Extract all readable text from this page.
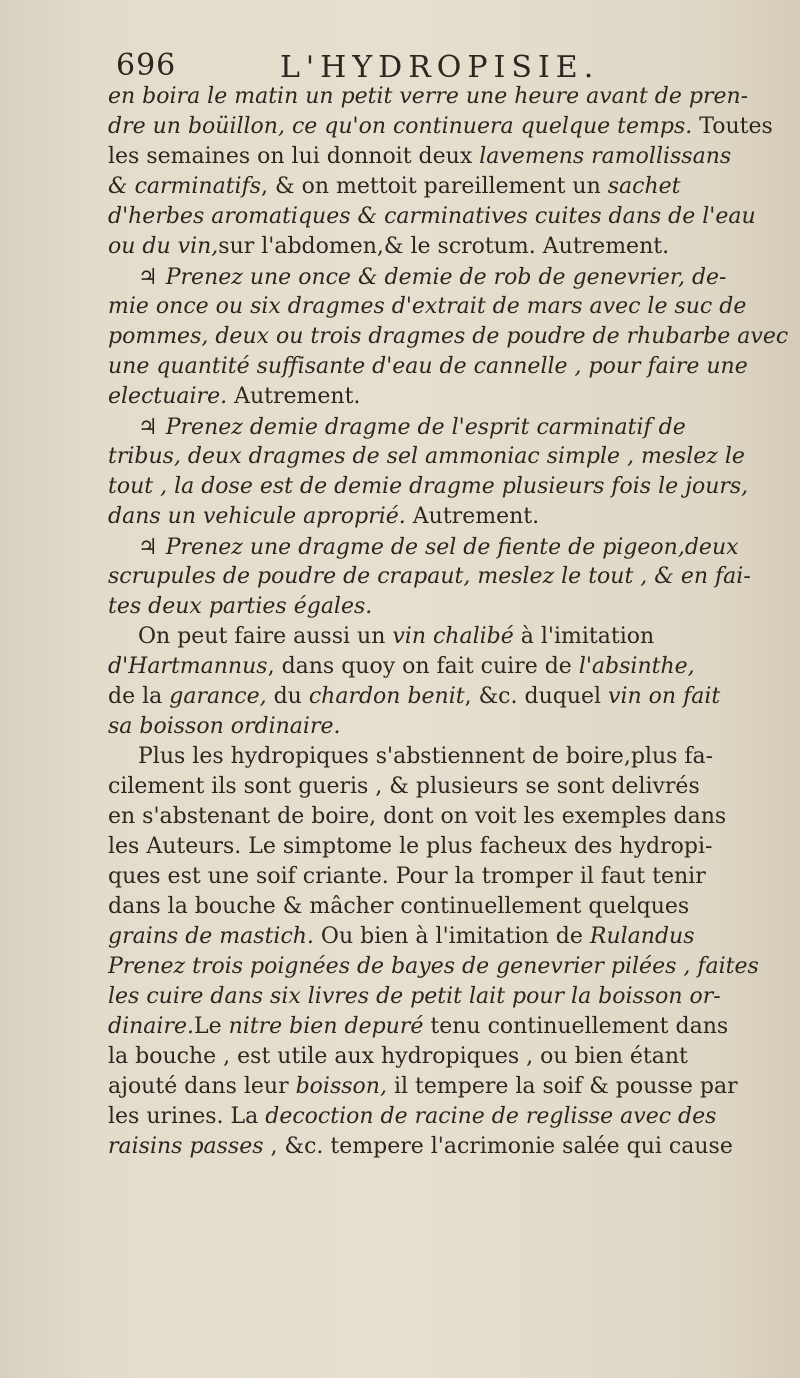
696	L'HYDROPISIE.
en boira le matin un petit verre une heure avant de pren-
dre un boüillon, ce qu'on continuera quelque temps. Toutes
les semaines on lui donnoit deux lavemens ramollissans
& carminatifs, & on mettoit pareillement un sachet
d'herbes aromatiques & carminatives cuites dans de l'eau
ou du vin,sur l'abdomen,& le scrotum. Autrement.
♃ Prenez une once & demie de rob de genevrier, de-
mie once ou six dragmes d'extrait de mars avec le suc de
pommes, deux ou trois dragmes de poudre de rhubarbe avec
une quantité suffisante d'eau de cannelle , pour faire une
electuaire. Autrement.
♃ Prenez demie dragme de l'esprit carminatif de
tribus, deux dragmes de sel ammoniac simple , meslez le
tout , la dose est de demie dragme plusieurs fois le jours,
dans un vehicule aproprié. Autrement.
♃ Prenez une dragme de sel de fiente de pigeon,deux
scrupules de poudre de crapaut, meslez le tout , & en fai-
tes deux parties égales.
On peut faire aussi un vin chalibé à l'imitation
d'Hartmannus, dans quoy on fait cuire de l'absinthe,
de la garance, du chardon benit, &c. duquel vin on fait
sa boisson ordinaire.
Plus les hydropiques s'abstiennent de boire,plus fa-
cilement ils sont gueris , & plusieurs se sont delivrés
en s'abstenant de boire, dont on voit les exemples dans
les Auteurs. Le simptome le plus facheux des hydropi-
ques est une soif criante. Pour la tromper il faut tenir
dans la bouche & mâcher continuellement quelques
grains de mastich. Ou bien à l'imitation de Rulandus
Prenez trois poignées de bayes de genevrier pilées , faites
les cuire dans six livres de petit lait pour la boisson or-
dinaire.Le nitre bien depuré tenu continuellement dans
la bouche , est utile aux hydropiques , ou bien étant
ajouté dans leur boisson, il tempere la soif & pousse par
les urines. La decoction de racine de reglisse avec des
raisins passes , &c. tempere l'acrimonie salée qui cause
